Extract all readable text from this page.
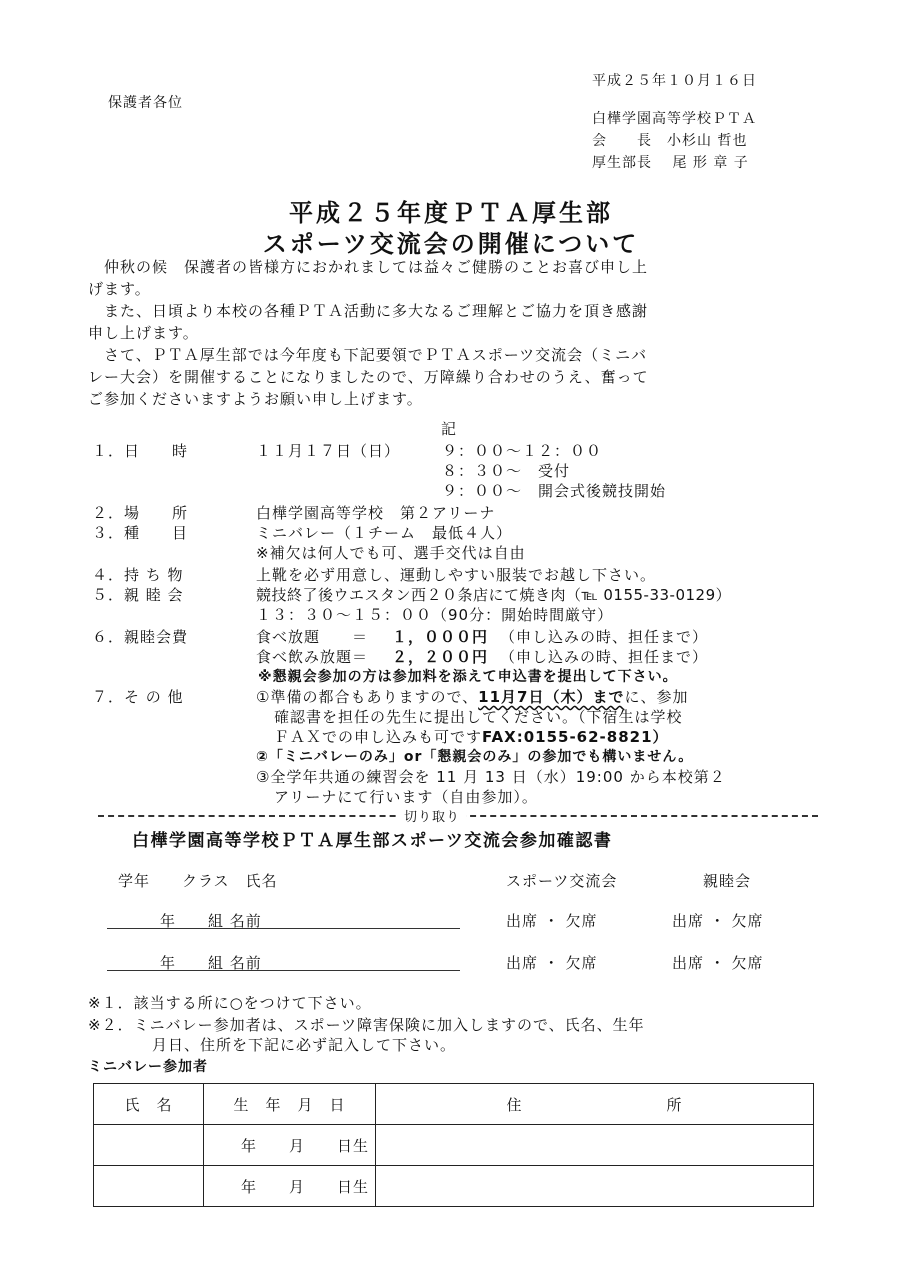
平成２５年１０月１６日
保護者各位
白樺学園高等学校ＰＴＡ
会　　長　小杉山 哲也
厚生部長　 尾 形 章 子
平成２５年度ＰＴＡ厚生部
スポーツ交流会の開催について
仲秋の候　保護者の皆様方におかれましては益々ご健勝のことお喜び申し上
げます。
また、日頃より本校の各種ＰＴＡ活動に多大なるご理解とご協力を頂き感謝
申し上げます。
さて、ＰＴＡ厚生部では今年度も下記要領でＰＴＡスポーツ交流会（ミニバ
レー大会）を開催することになりましたので、万障繰り合わせのうえ、奮って
ご参加くださいますようお願い申し上げます。
記
１．日　　時	１１月１７日（日）	９：００～１２：００
８：３０～　受付
９：００～　開会式後競技開始
２．場　　所	白樺学園高等学校　第２アリーナ
３．種　　目	ミニバレー（１チーム　最低４人）
※補欠は何人でも可、選手交代は自由
４．持 ち 物	上靴を必ず用意し、運動しやすい服装でお越し下さい。
５．親 睦 会	競技終了後ウエスタン西２０条店にて焼き肉（℡ 0155-33-0129）
１３：３０～１５：００（90分：開始時間厳守）
６．親睦会費	食べ放題　　＝ １，０００円 （申し込みの時、担任まで）
食べ飲み放題＝ ２，２００円 （申し込みの時、担任まで）
※懇親会参加の方は参加料を添えて申込書を提出して下さい。
７．そ の 他	①準備の都合もありますので、11月7日（木）までに、参加
確認書を担任の先生に提出してください。（下宿生は学校
ＦＡＸでの申し込みも可ですFAX:0155-62-8821）
②「ミニバレーのみ」or「懇親会のみ」の参加でも構いません。
③全学年共通の練習会を 11 月 13 日（水）19:00 から本校第２
アリーナにて行います（自由参加）。
切り取り
白樺学園高等学校ＰＴＡ厚生部スポーツ交流会参加確認書
学年　　クラス　氏名	スポーツ交流会	親睦会
年　　組 名前	出席 ・ 欠席	出席 ・ 欠席
年　　組 名前	出席 ・ 欠席	出席 ・ 欠席
※１．該当する所に○をつけて下さい。
※２．ミニバレー参加者は、スポーツ障害保険に加入しますので、氏名、生年
月日、住所を下記に必ず記入して下さい。
ミニバレー参加者
氏　名	生　年　月　日	住　　　　　　　　　所
	年　　月　　日生	
	年　　月　　日生	
